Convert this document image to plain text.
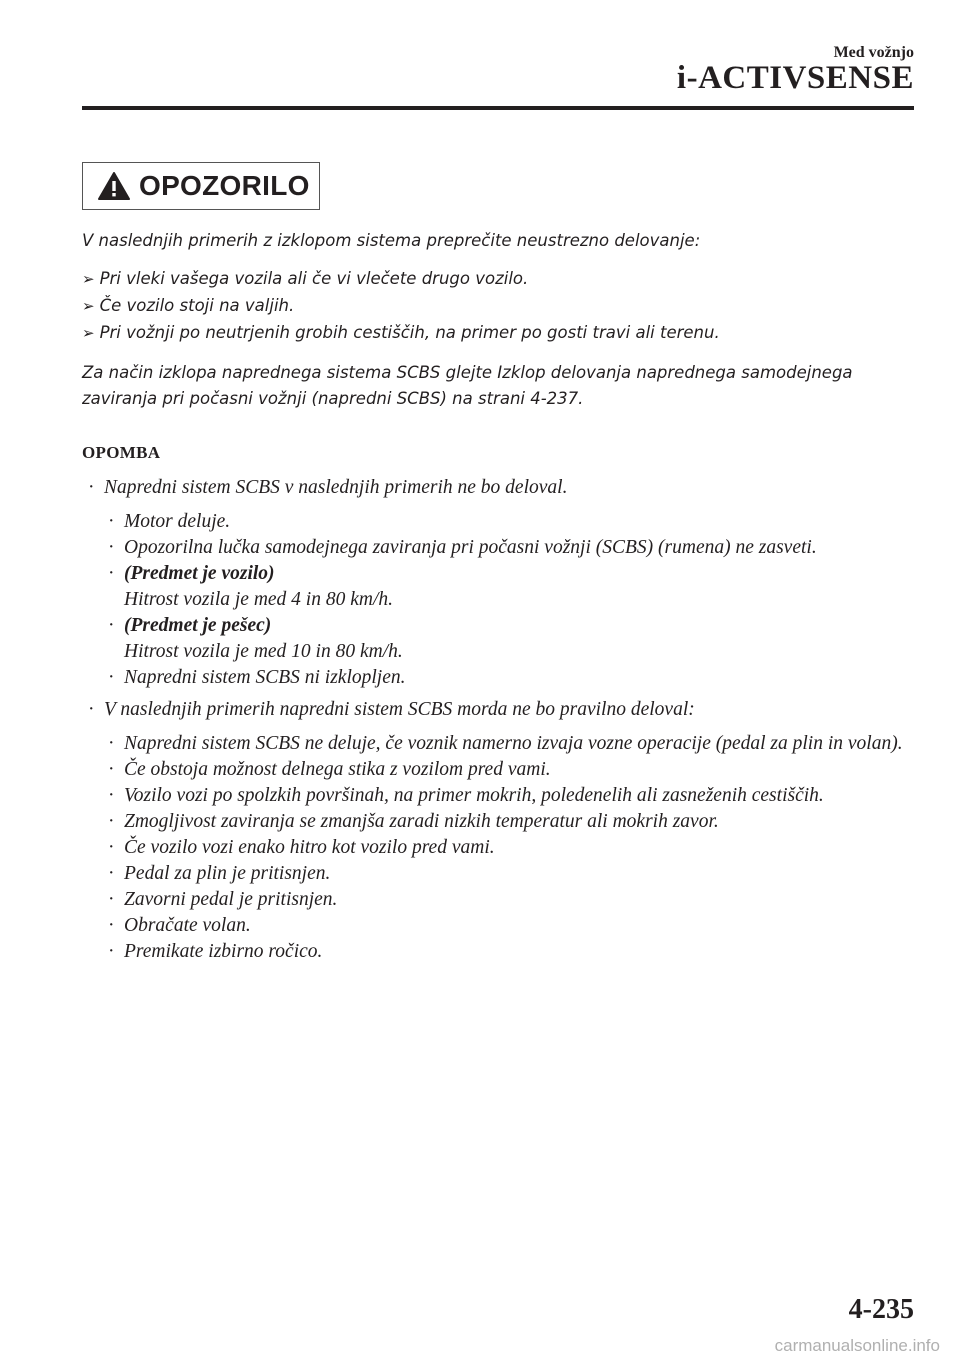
Med vožnjo
i-ACTIVSENSE
OPOZORILO
V naslednjih primerih z izklopom sistema preprečite neustrezno delovanje:
➢ Pri vleki vašega vozila ali če vi vlečete drugo vozilo.
➢ Če vozilo stoji na valjih.
➢ Pri vožnji po neutrjenih grobih cestiščih, na primer po gosti travi ali terenu.
Za način izklopa naprednega sistema SCBS glejte Izklop delovanja naprednega samodejnega zaviranja pri počasni vožnji (napredni SCBS) na strani 4-237.
OPOMBA
· Napredni sistem SCBS v naslednjih primerih ne bo deloval.
· Motor deluje.
· Opozorilna lučka samodejnega zaviranja pri počasni vožnji (SCBS) (rumena) ne zasveti.
· (Predmet je vozilo)
Hitrost vozila je med 4 in 80 km/h.
· (Predmet je pešec)
Hitrost vozila je med 10 in 80 km/h.
· Napredni sistem SCBS ni izklopljen.
· V naslednjih primerih napredni sistem SCBS morda ne bo pravilno deloval:
· Napredni sistem SCBS ne deluje, če voznik namerno izvaja vozne operacije (pedal za plin in volan).
· Če obstoja možnost delnega stika z vozilom pred vami.
· Vozilo vozi po spolzkih površinah, na primer mokrih, poledenelih ali zasneženih cestiščih.
· Zmogljivost zaviranja se zmanjša zaradi nizkih temperatur ali mokrih zavor.
· Če vozilo vozi enako hitro kot vozilo pred vami.
· Pedal za plin je pritisnjen.
· Zavorni pedal je pritisnjen.
· Obračate volan.
· Premikate izbirno ročico.
4-235
carmanualsonline.info
